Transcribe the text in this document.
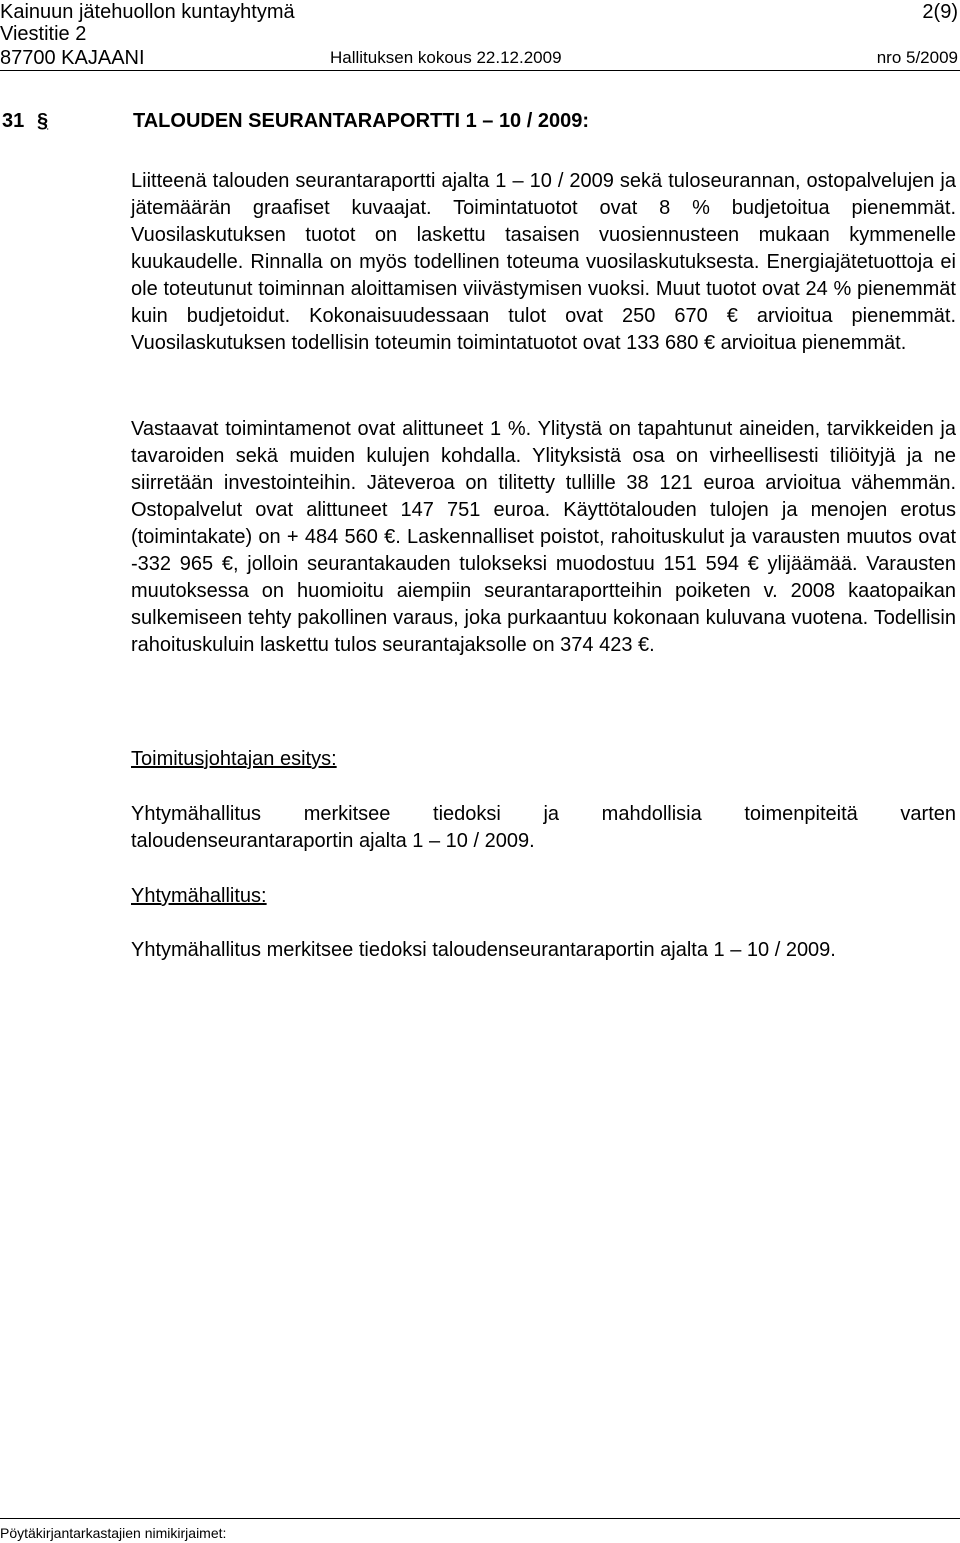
Kainuun jätehuollon kuntayhtymä	2(9)
Viestitie 2
87700 KAJAANI	Hallituksen kokous 22.12.2009	nro 5/2009
31 §	TALOUDEN SEURANTARAPORTTI 1 – 10 / 2009:

Liitteenä talouden seurantaraportti ajalta 1 – 10 / 2009 sekä tuloseurannan, ostopalvelujen ja jätemäärän graafiset kuvaajat. Toimintatuotot ovat 8 % budjetoitua pienemmät. Vuosilaskutuksen tuotot on laskettu tasaisen vuosiennusteen mukaan kymmenelle kuukaudelle. Rinnalla on myös todellinen toteuma vuosilaskutuksesta. Energiajätetuottoja ei ole toteutunut toiminnan aloittamisen viivästymisen vuoksi. Muut tuotot ovat 24 % pienemmät kuin budjetoidut. Kokonaisuudessaan tulot ovat 250 670 € arvioitua pienemmät. Vuosilaskutuksen todellisin toteumin toimintatuotot ovat 133 680 € arvioitua pienemmät.

Vastaavat toimintamenot ovat alittuneet 1 %. Ylitystä on tapahtunut aineiden, tarvikkeiden ja tavaroiden sekä muiden kulujen kohdalla. Ylityksistä osa on virheellisesti tiliöityjä ja ne siirretään investointeihin. Jäteveroa on tilitetty tullille 38 121 euroa arvioitua vähemmän. Ostopalvelut ovat alittuneet 147 751 euroa. Käyttötalouden tulojen ja menojen erotus (toimintakate) on + 484 560 €. Laskennalliset poistot, rahoituskulut ja varausten muutos ovat -332 965 €, jolloin seurantakauden tulokseksi muodostuu 151 594 € ylijäämää. Varausten muutoksessa on huomioitu aiempiin seurantaraportteihin poiketen v. 2008 kaatopaikan sulkemiseen tehty pakollinen varaus, joka purkaantuu kokonaan kuluvana vuotena. Todellisin rahoituskuluin laskettu tulos seurantajaksolle on 374 423 €.

Toimitusjohtajan esitys:

Yhtymähallitus merkitsee tiedoksi ja mahdollisia toimenpiteitä varten taloudenseurantaraportin ajalta 1 – 10 / 2009.

Yhtymähallitus:

Yhtymähallitus merkitsee tiedoksi taloudenseurantaraportin ajalta 1 – 10 / 2009.

Pöytäkirjantarkastajien nimikirjaimet:
